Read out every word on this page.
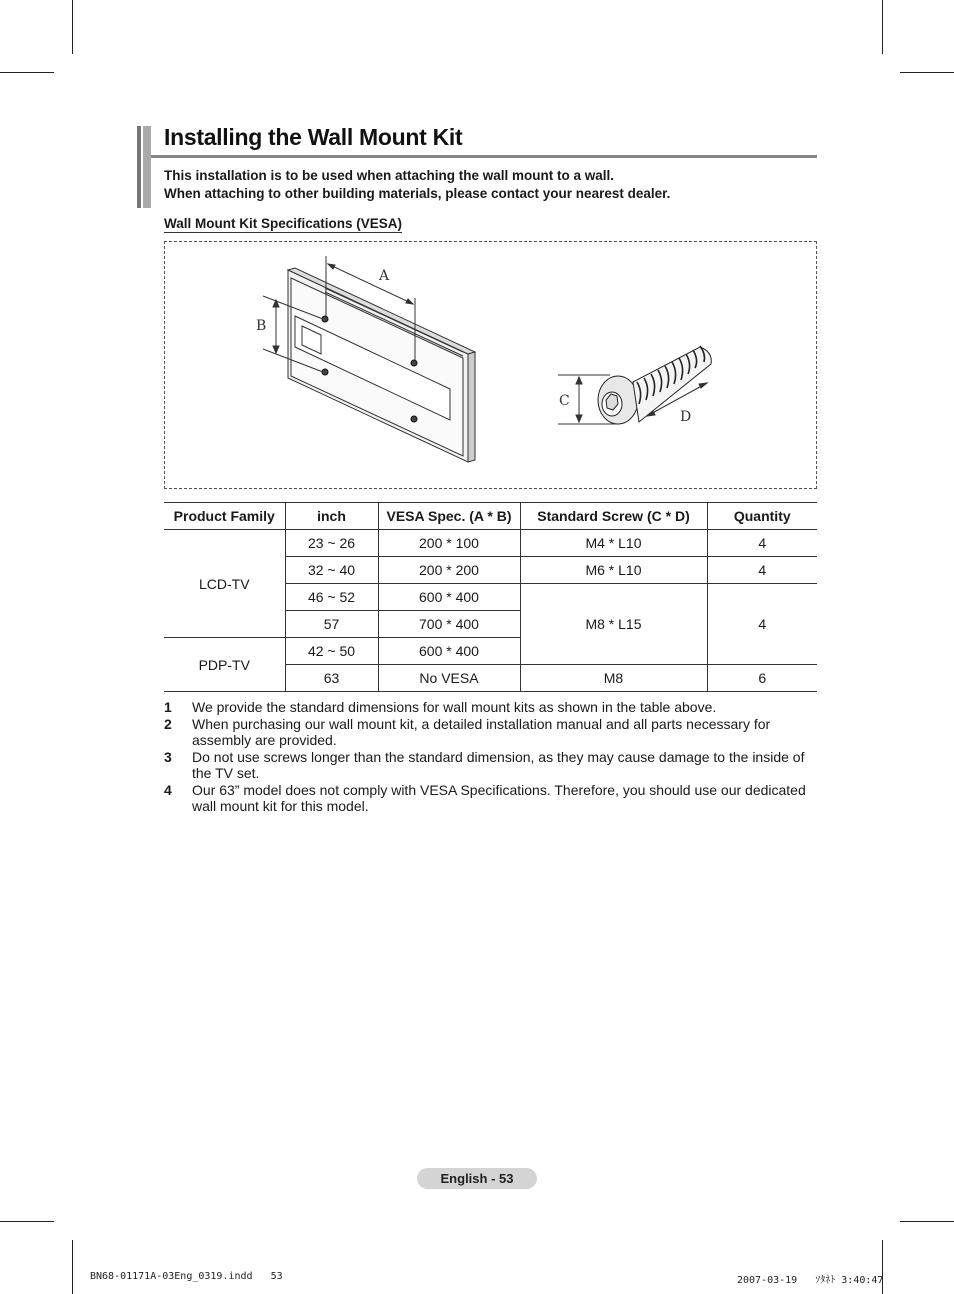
Installing the Wall Mount Kit
This installation is to be used when attaching the wall mount to a wall.
When attaching to other building materials, please contact your nearest dealer.
Wall Mount Kit Specifications (VESA)
A
B
C
D
Product Family	inch	VESA Spec. (A * B)	Standard Screw (C * D)	Quantity
LCD-TV	23 ~ 26	200 * 100	M4 * L10	4
	32 ~ 40	200 * 200	M6 * L10	4
	46 ~ 52	600 * 400	M8 * L15	4
	57	700 * 400		
PDP-TV	42 ~ 50	600 * 400		
	63	No VESA	M8	6
1	We provide the standard dimensions for wall mount kits as shown in the table above.
2	When purchasing our wall mount kit, a detailed installation manual and all parts necessary for assembly are provided.
3	Do not use screws longer than the standard dimension, as they may cause damage to the inside of the TV set.
4	Our 63” model does not comply with VESA Specifications. Therefore, you should use our dedicated wall mount kit for this model.
English - 53
BN68-01171A-03Eng_0319.indd   53	2007-03-19   ｿﾀﾈﾄ 3:40:47
